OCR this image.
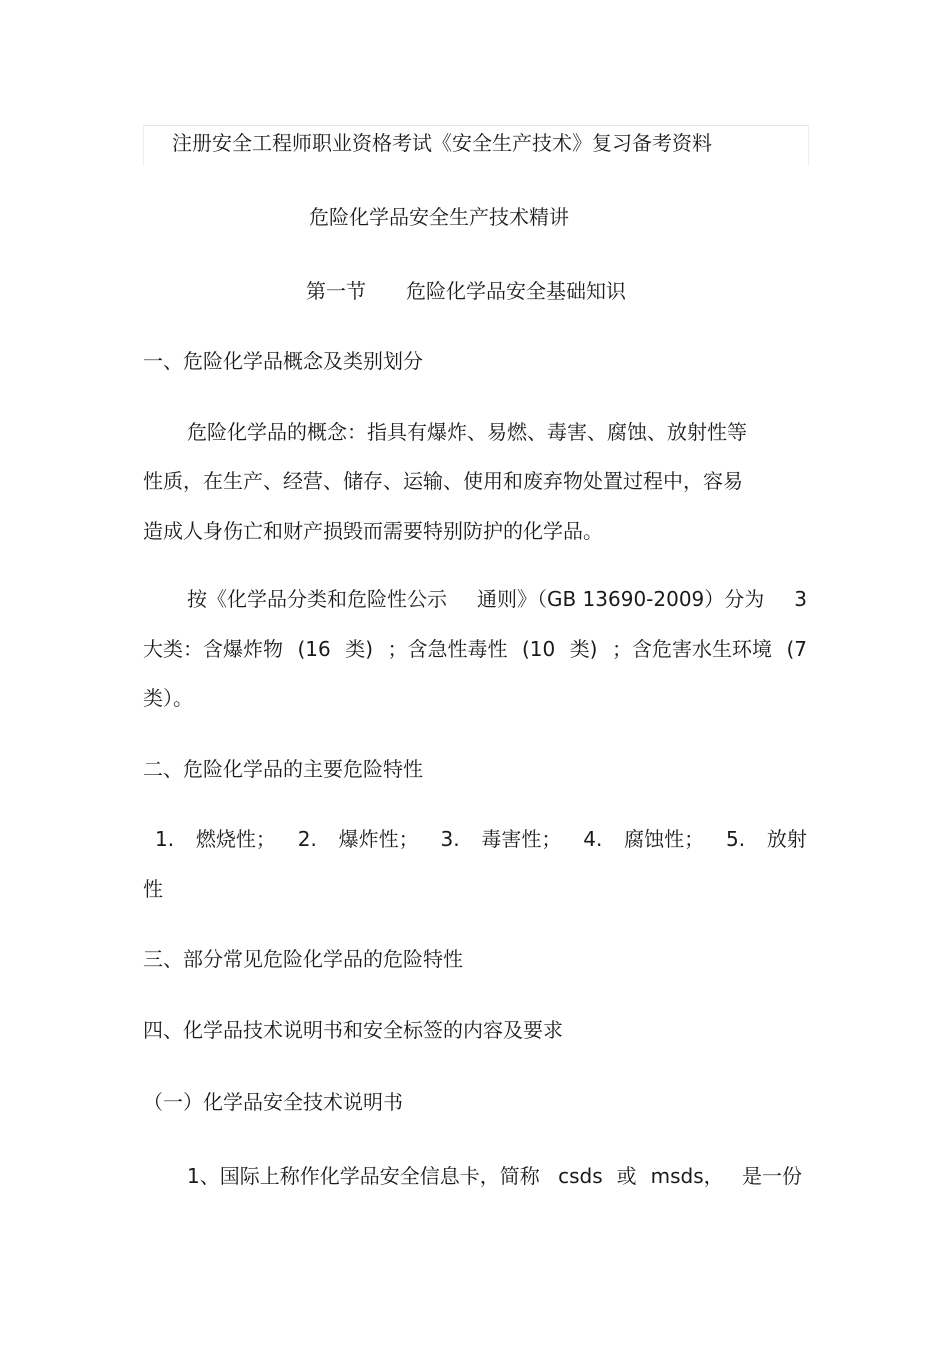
注册安全工程师职业资格考试《安全生产技术》复习备考资料

危险化学品安全生产技术精讲

第一节　　危险化学品安全基础知识

一、危险化学品概念及类别划分

危险化学品的概念：指具有爆炸、易燃、毒害、腐蚀、放射性等

性质，在生产、经营、储存、运输、使用和废弃物处置过程中，容易

造成人身伤亡和财产损毁而需要特别防护的化学品。

按《化学品分类和危险性公示 通则》（GB 13690-2009）分为 3
大类：含爆炸物 (16 类) ；含急性毒性 (10 类) ；含危害水生环境 (7

类）。

二、危险化学品的主要危险特性

1. 燃烧性； 2. 爆炸性； 3. 毒害性； 4. 腐蚀性； 5. 放射

性

三、部分常见危险化学品的危险特性

四、化学品技术说明书和安全标签的内容及要求

（一）化学品安全技术说明书

1、国际上称作化学品安全信息卡，简称 csds 或 msds， 是一份
